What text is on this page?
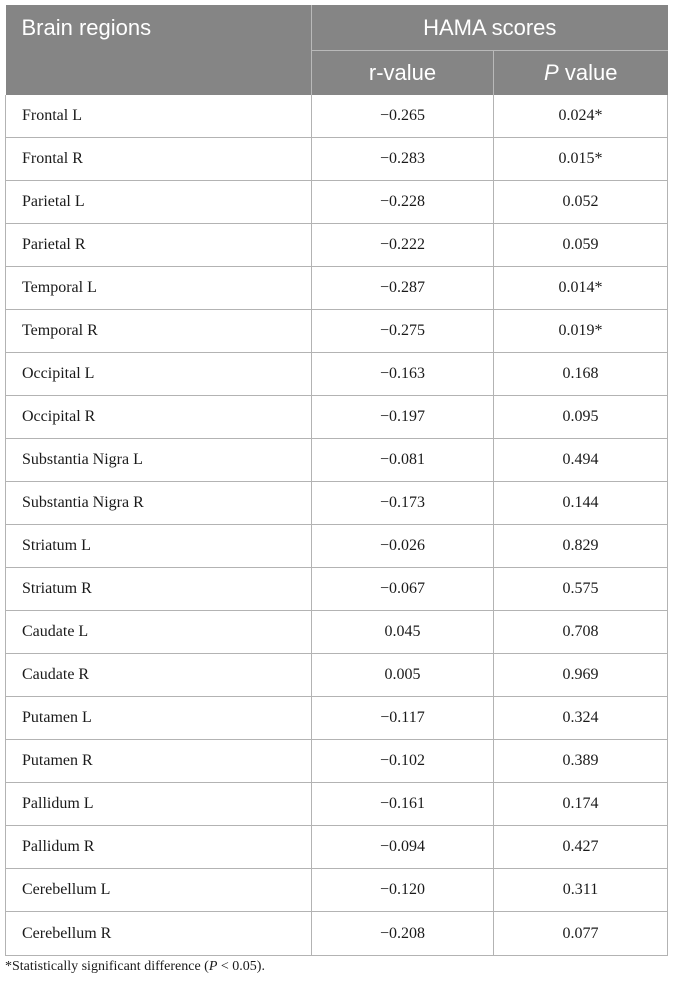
Brain regions	HAMA scores	
	r-value	P value
Frontal L	−0.265	0.024*
Frontal R	−0.283	0.015*
Parietal L	−0.228	0.052
Parietal R	−0.222	0.059
Temporal L	−0.287	0.014*
Temporal R	−0.275	0.019*
Occipital L	−0.163	0.168
Occipital R	−0.197	0.095
Substantia Nigra L	−0.081	0.494
Substantia Nigra R	−0.173	0.144
Striatum L	−0.026	0.829
Striatum R	−0.067	0.575
Caudate L	0.045	0.708
Caudate R	0.005	0.969
Putamen L	−0.117	0.324
Putamen R	−0.102	0.389
Pallidum L	−0.161	0.174
Pallidum R	−0.094	0.427
Cerebellum L	−0.120	0.311
Cerebellum R	−0.208	0.077
*Statistically significant difference (P < 0.05).
